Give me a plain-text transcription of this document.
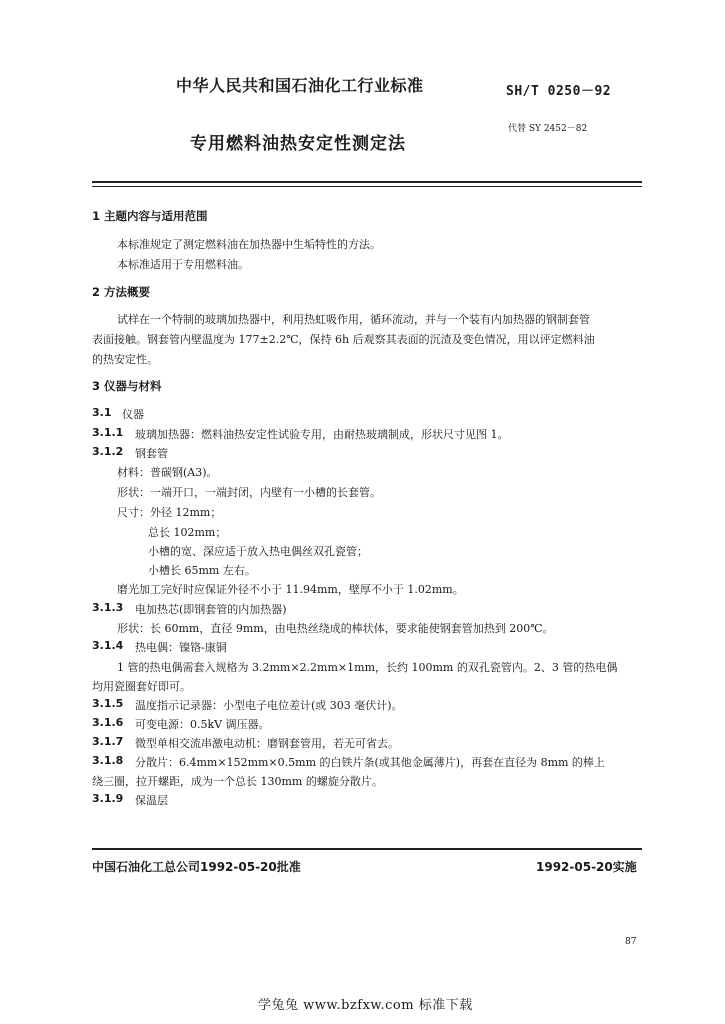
中华人民共和国石油化工行业标准	SH/T 0250－92
专用燃料油热安定性测定法
代替 SY 2452－82
1 主题内容与适用范围
本标准规定了测定燃料油在加热器中生垢特性的方法。
本标准适用于专用燃料油。
2 方法概要
试样在一个特制的玻璃加热器中，利用热虹吸作用，循环流动，并与一个装有内加热器的钢制套管
表面接触。钢套管内壁温度为 177±2.2℃，保持 6h 后观察其表面的沉渣及变色情况，用以评定燃料油
的热安定性。
3 仪器与材料
3.1 仪器
3.1.1 玻璃加热器：燃料油热安定性试验专用，由耐热玻璃制成，形状尺寸见图 1。
3.1.2 钢套管
材料：普碳钢(A3)。
形状：一端开口，一端封闭，内壁有一小槽的长套管。
尺寸：外径 12mm；
总长 102mm；
小槽的宽、深应适于放入热电偶丝双孔瓷管；
小槽长 65mm 左右。
磨光加工完好时应保证外径不小于 11.94mm，壁厚不小于 1.02mm。
3.1.3 电加热芯(即钢套管的内加热器)
形状：长 60mm，直径 9mm，由电热丝绕成的棒状体，要求能使钢套管加热到 200℃。
3.1.4 热电偶：镍铬-康铜
1 管的热电偶需套入规格为 3.2mm×2.2mm×1mm，长约 100mm 的双孔瓷管内。2、3 管的热电偶
均用瓷圈套好即可。
3.1.5 温度指示记录器：小型电子电位差计(或 303 毫伏计)。
3.1.6 可变电源：0.5kV 调压器。
3.1.7 微型单相交流串激电动机：磨钢套管用，若无可省去。
3.1.8 分散片：6.4mm×152mm×0.5mm 的白铁片条(或其他金属薄片)，再套在直径为 8mm 的棒上
绕三圈，拉开螺距，成为一个总长 130mm 的螺旋分散片。
3.1.9 保温层
中国石油化工总公司1992-05-20批准	1992-05-20实施
87
学兔兔 www.bzfxw.com 标准下载
